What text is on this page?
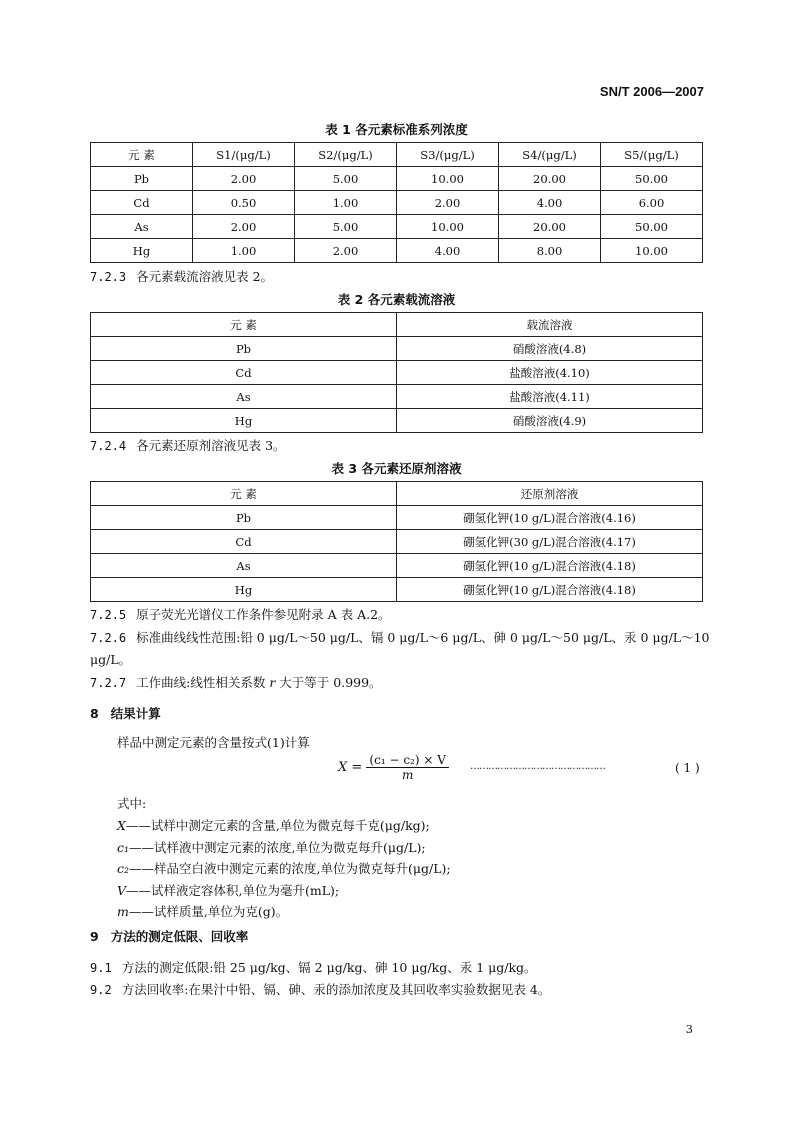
SN/T 2006—2007
表 1 各元素标准系列浓度
元 素	S1/(μg/L)	S2/(μg/L)	S3/(μg/L)	S4/(μg/L)	S5/(μg/L)
Pb	2.00	5.00	10.00	20.00	50.00
Cd	0.50	1.00	2.00	4.00	6.00
As	2.00	5.00	10.00	20.00	50.00
Hg	1.00	2.00	4.00	8.00	10.00
7.2.3 各元素载流溶液见表 2。
表 2 各元素载流溶液
元 素	载流溶液
Pb	硝酸溶液(4.8)
Cd	盐酸溶液(4.10)
As	盐酸溶液(4.11)
Hg	硝酸溶液(4.9)
7.2.4 各元素还原剂溶液见表 3。
表 3 各元素还原剂溶液
元 素	还原剂溶液
Pb	硼氢化钾(10 g/L)混合溶液(4.16)
Cd	硼氢化钾(30 g/L)混合溶液(4.17)
As	硼氢化钾(10 g/L)混合溶液(4.18)
Hg	硼氢化钾(10 g/L)混合溶液(4.18)
7.2.5 原子荧光光谱仪工作条件参见附录 A 表 A.2。
7.2.6 标准曲线线性范围:铅 0 μg/L～50 μg/L、镉 0 μg/L～6 μg/L、砷 0 μg/L～50 μg/L、汞 0 μg/L～10 μg/L。
7.2.7 工作曲线:线性相关系数 r 大于等于 0.999。
8 结果计算
样品中测定元素的含量按式(1)计算
$X = \frac{\text{(c₁ − c₂) × V}}{m}$ ………………………………………	( 1 )
式中:
X——试样中测定元素的含量,单位为微克每千克(μg/kg);
c₁——试样液中测定元素的浓度,单位为微克每升(μg/L);
c₂——样品空白液中测定元素的浓度,单位为微克每升(μg/L);
V——试样液定容体积,单位为毫升(mL);
m——试样质量,单位为克(g)。
9 方法的测定低限、回收率
9.1 方法的测定低限:铅 25 μg/kg、镉 2 μg/kg、砷 10 μg/kg、汞 1 μg/kg。
9.2 方法回收率:在果汁中铅、镉、砷、汞的添加浓度及其回收率实验数据见表 4。
3
